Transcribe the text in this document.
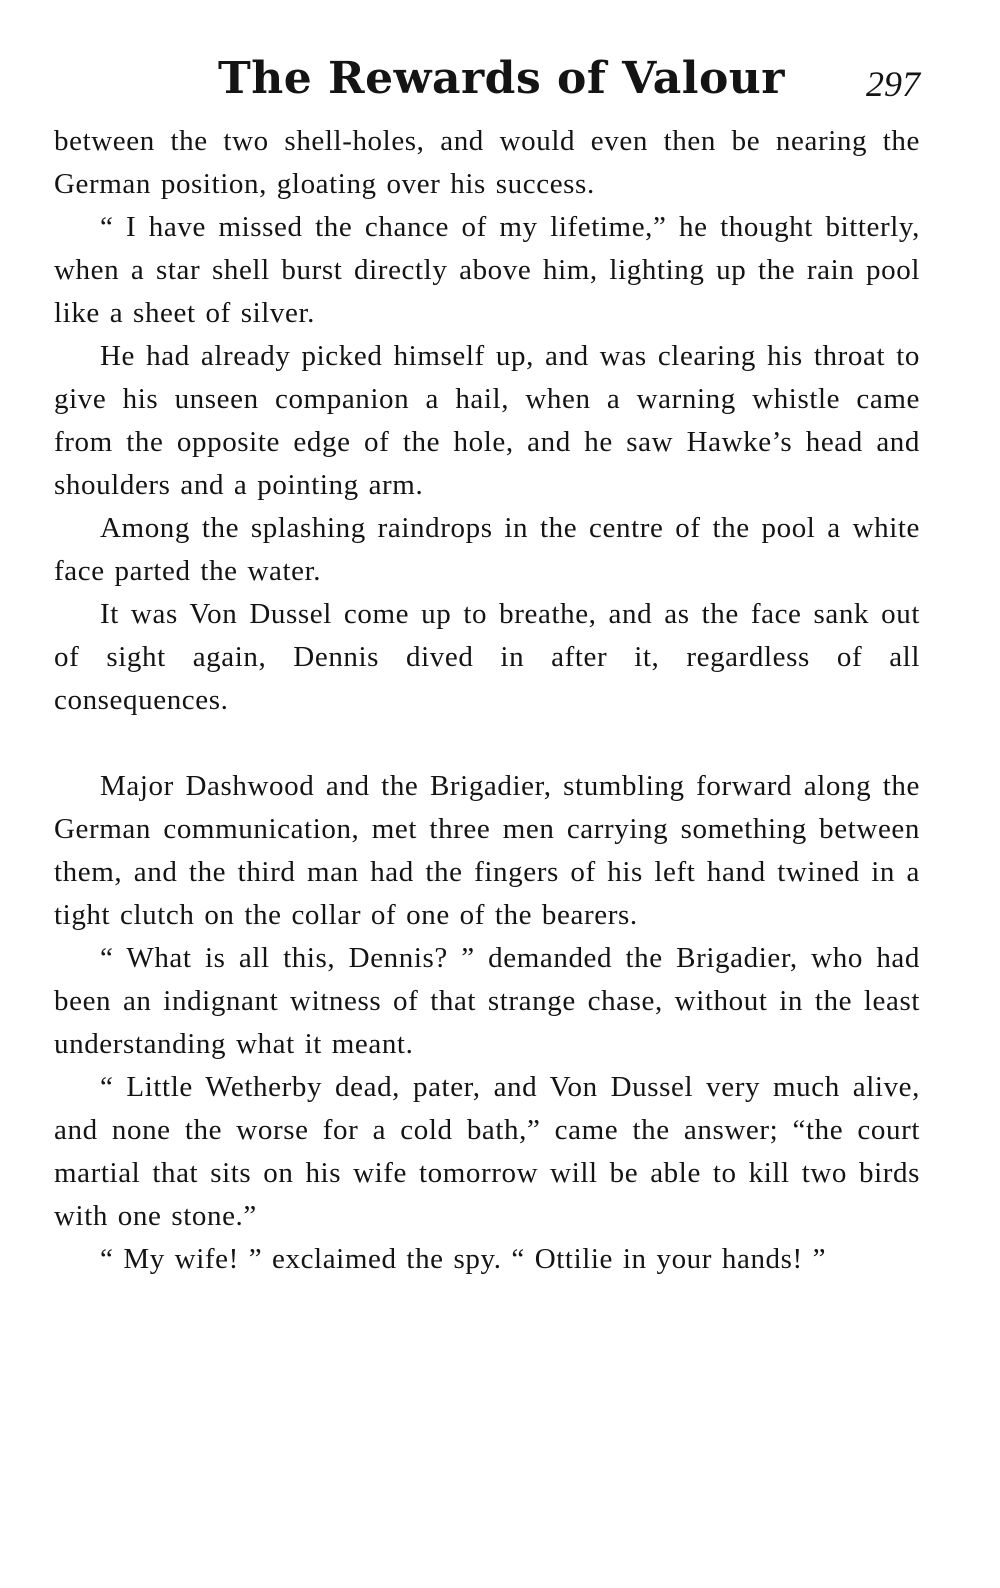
The Rewards of Valour 297

between the two shell-holes, and would even then be nearing the German position, gloating over his success.

“ I have missed the chance of my lifetime,” he thought bitterly, when a star shell burst directly above him, lighting up the rain pool like a sheet of silver.

He had already picked himself up, and was clearing his throat to give his unseen companion a hail, when a warning whistle came from the opposite edge of the hole, and he saw Hawke’s head and shoulders and a pointing arm.

Among the splashing raindrops in the centre of the pool a white face parted the water.

It was Von Dussel come up to breathe, and as the face sank out of sight again, Dennis dived in after it, regardless of all consequences.

Major Dashwood and the Brigadier, stumbling forward along the German communication, met three men carrying something between them, and the third man had the fingers of his left hand twined in a tight clutch on the collar of one of the bearers.

“ What is all this, Dennis? ” demanded the Brigadier, who had been an indignant witness of that strange chase, without in the least understanding what it meant.

“ Little Wetherby dead, pater, and Von Dussel very much alive, and none the worse for a cold bath,” came the answer; “the court martial that sits on his wife tomorrow will be able to kill two birds with one stone.”

“ My wife! ” exclaimed the spy. “ Ottilie in your hands! ”
